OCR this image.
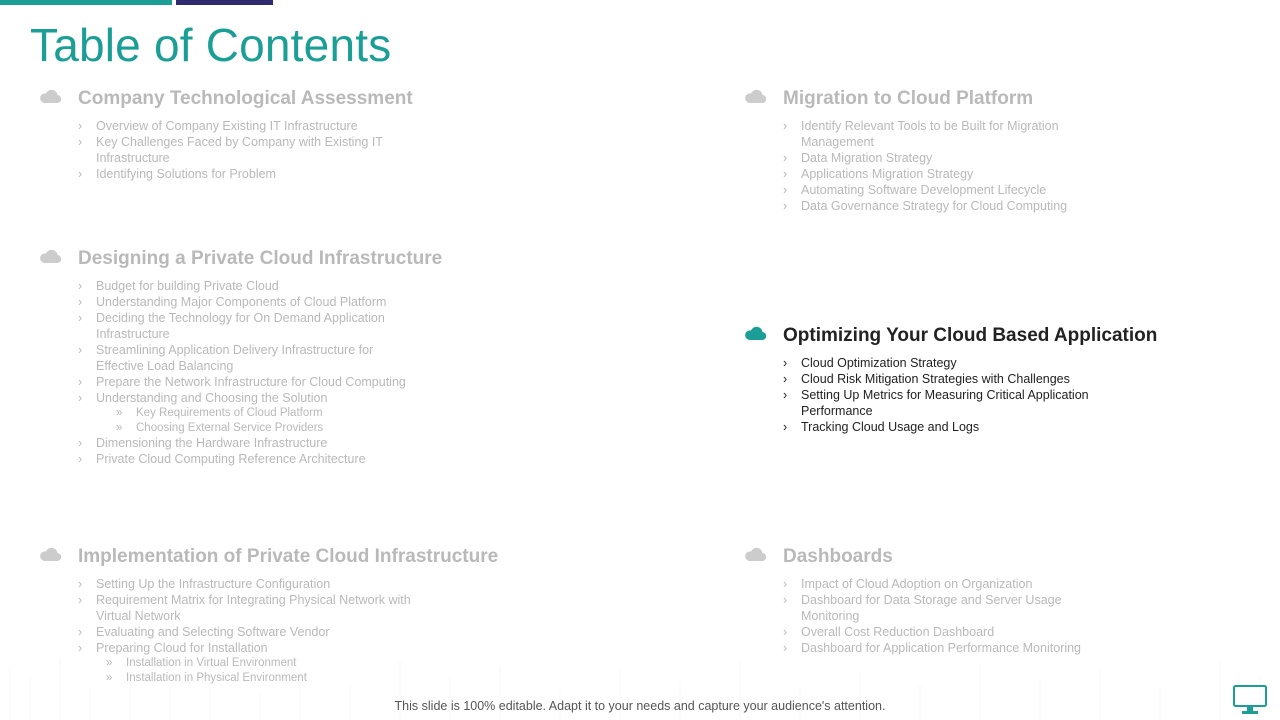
Table of Contents
Company Technological Assessment
› Overview of Company Existing IT Infrastructure
› Key Challenges Faced by Company with Existing IT Infrastructure
› Identifying Solutions for Problem
Designing a Private Cloud Infrastructure
› Budget for building Private Cloud
› Understanding Major Components of Cloud Platform
› Deciding the Technology for On Demand Application Infrastructure
› Streamlining Application Delivery Infrastructure for Effective Load Balancing
› Prepare the Network Infrastructure for Cloud Computing
› Understanding and Choosing the Solution
» Key Requirements of Cloud Platform
» Choosing External Service Providers
› Dimensioning the Hardware Infrastructure
› Private Cloud Computing Reference Architecture
Implementation of Private Cloud Infrastructure
› Setting Up the Infrastructure Configuration
› Requirement Matrix for Integrating Physical Network with Virtual Network
› Evaluating and Selecting Software Vendor
› Preparing Cloud for Installation
» Installation in Virtual Environment
» Installation in Physical Environment
Migration to Cloud Platform
› Identify Relevant Tools to be Built for Migration Management
› Data Migration Strategy
› Applications Migration Strategy
› Automating Software Development Lifecycle
› Data Governance Strategy for Cloud Computing
Optimizing Your Cloud Based Application
› Cloud Optimization Strategy
› Cloud Risk Mitigation Strategies with Challenges
› Setting Up Metrics for Measuring Critical Application Performance
› Tracking Cloud Usage and Logs
Dashboards
› Impact of Cloud Adoption on Organization
› Dashboard for Data Storage and Server Usage Monitoring
› Overall Cost Reduction Dashboard
› Dashboard for Application Performance Monitoring
This slide is 100% editable. Adapt it to your needs and capture your audience's attention.
